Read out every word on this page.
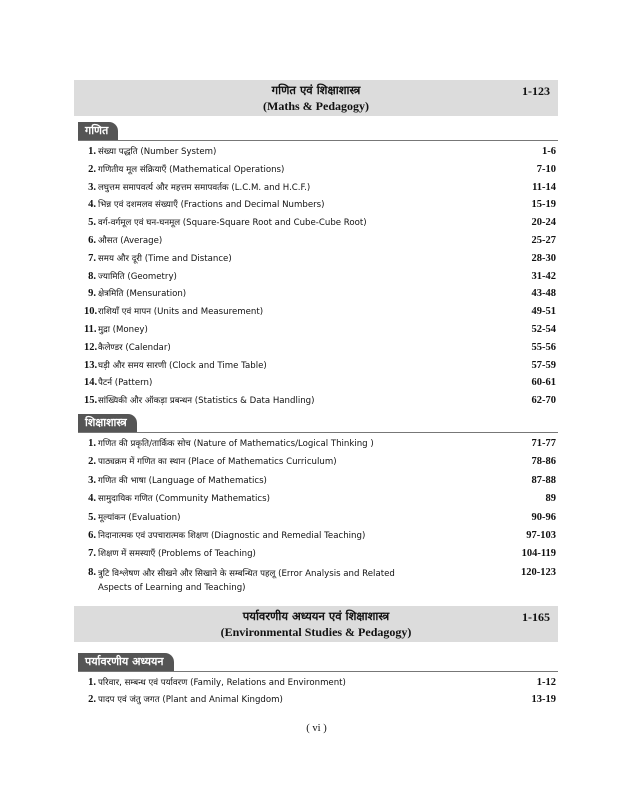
गणित एवं शिक्षाशास्त्र
(Maths & Pedagogy)
1-123
गणित
1. संख्या पद्धति (Number System)	1-6
2. गणितीय मूल संक्रियाएँ (Mathematical Operations)	7-10
3. लघुत्तम समापवर्त्य और महत्तम समापवर्तक (L.C.M. and H.C.F.)	11-14
4. भिन्न एवं दशमलव संख्याएँ (Fractions and Decimal Numbers)	15-19
5. वर्ग-वर्गमूल एवं घन-घनमूल (Square-Square Root and Cube-Cube Root)	20-24
6. औसत (Average)	25-27
7. समय और दूरी (Time and Distance)	28-30
8. ज्यामिति (Geometry)	31-42
9. क्षेत्रमिति (Mensuration)	43-48
10. राशियाँ एवं मापन (Units and Measurement)	49-51
11. मुद्रा (Money)	52-54
12. कैलेण्डर (Calendar)	55-56
13. घड़ी और समय सारणी (Clock and Time Table)	57-59
14. पैटर्न (Pattern)	60-61
15. सांख्यिकी और ऑकड़ा प्रबन्धन (Statistics & Data Handling)	62-70
शिक्षाशास्त्र
1. गणित की प्रकृति/तार्किक सोच (Nature of Mathematics/Logical Thinking )	71-77
2. पाठ्यक्रम में गणित का स्थान (Place of Mathematics Curriculum)	78-86
3. गणित की भाषा (Language of Mathematics)	87-88
4. सामुदायिक गणित (Community Mathematics)	89
5. मूल्यांकन (Evaluation)	90-96
6. निदानात्मक एवं उपचारात्मक शिक्षण (Diagnostic and Remedial Teaching)	97-103
7. शिक्षण में समस्याएँ (Problems of Teaching)	104-119
8. त्रुटि विश्लेषण और सीखने और सिखाने के सम्बन्धित पहलू (Error Analysis and Related Aspects of Learning and Teaching)
120-123
पर्यावरणीय अध्ययन एवं शिक्षाशास्त्र
(Environmental Studies & Pedagogy)
1-165
पर्यावरणीय अध्ययन
1. परिवार, सम्बन्ध एवं पर्यावरण (Family, Relations and Environment)	1-12
2. पादप एवं जंतु जगत (Plant and Animal Kingdom)	13-19
( vi )
